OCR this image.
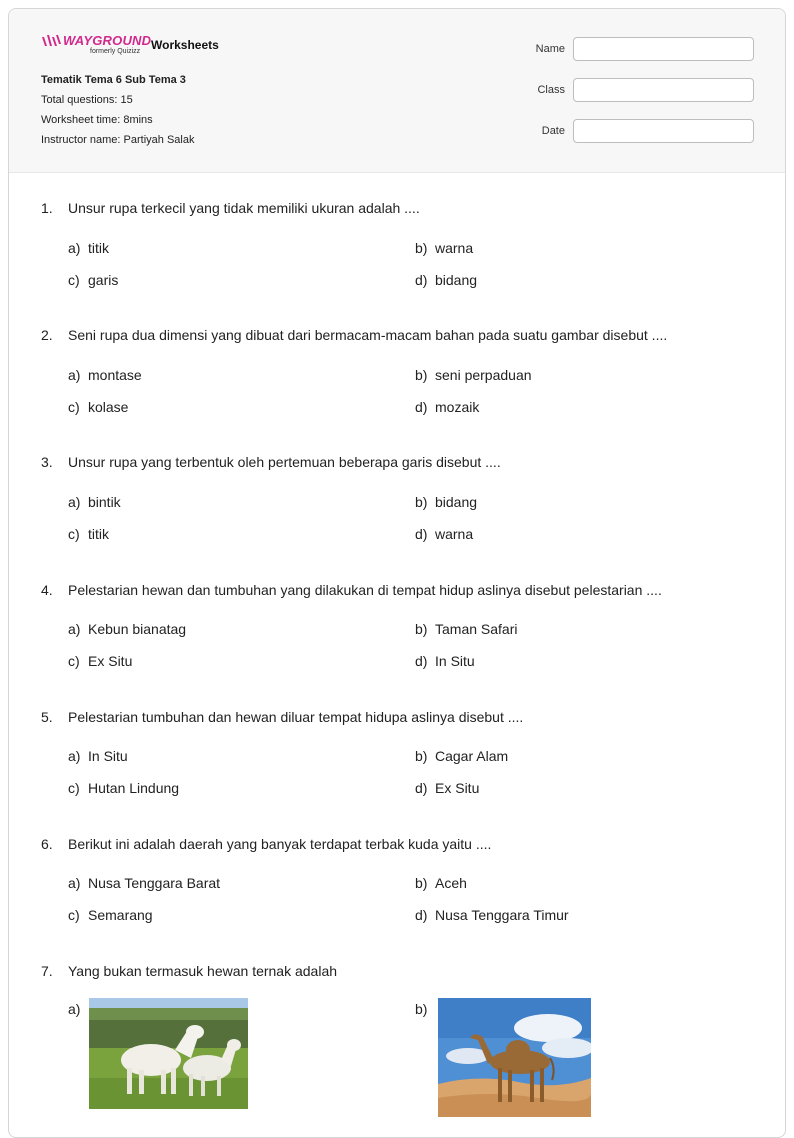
WAYGROUND
formerly Quizizz Worksheets
Tematik Tema 6 Sub Tema 3
Total questions: 15
Worksheet time: 8mins
Instructor name: Partiyah Salak
Name
Class
Date
1. Unsur rupa terkecil yang tidak memiliki ukuran adalah ....
a) titik	b) warna
c) garis	d) bidang
2. Seni rupa dua dimensi yang dibuat dari bermacam-macam bahan pada suatu gambar disebut ....
a) montase	b) seni perpaduan
c) kolase	d) mozaik
3. Unsur rupa yang terbentuk oleh pertemuan beberapa garis disebut ....
a) bintik	b) bidang
c) titik	d) warna
4. Pelestarian hewan dan tumbuhan yang dilakukan di tempat hidup aslinya disebut pelestarian ....
a) Kebun bianatag	b) Taman Safari
c) Ex Situ	d) In Situ
5. Pelestarian tumbuhan dan hewan diluar tempat hidupa aslinya disebut ....
a) In Situ	b) Cagar Alam
c) Hutan Lindung	d) Ex Situ
6. Berikut ini adalah daerah yang banyak terdapat terbak kuda yaitu ....
a) Nusa Tenggara Barat	b) Aceh
c) Semarang	d) Nusa Tenggara Timur
7. Yang bukan termasuk hewan ternak adalah
a)	b)
